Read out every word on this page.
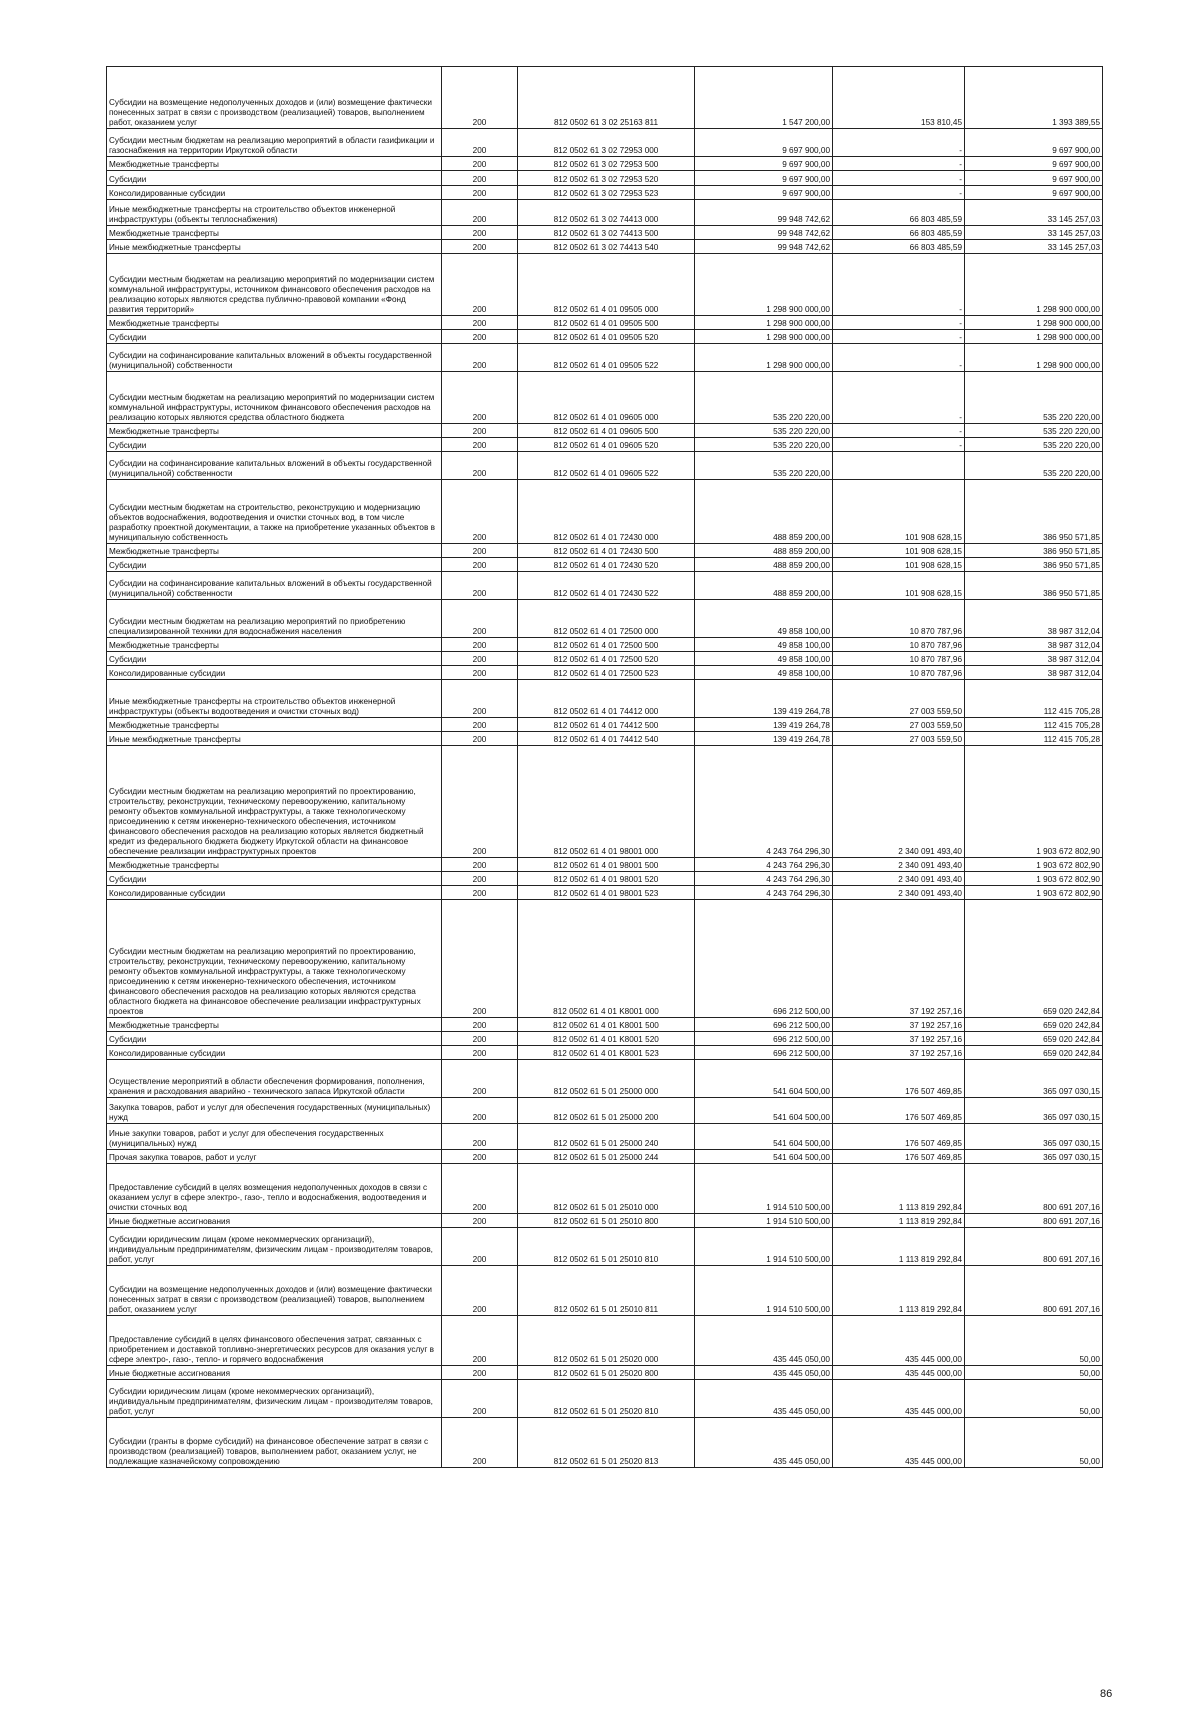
Субсидии на возмещение недополученных доходов и (или) возмещение фактически понесенных затрат в связи с производством (реализацией) товаров, выполнением работ, оказанием услуг	200	812 0502 61 3 02 25163 811	1 547 200,00	153 810,45	1 393 389,55
Субсидии местным бюджетам на реализацию мероприятий в области газификации и газоснабжения на территории Иркутской области	200	812 0502 61 3 02 72953 000	9 697 900,00	-	9 697 900,00
Межбюджетные трансферты	200	812 0502 61 3 02 72953 500	9 697 900,00	-	9 697 900,00
Субсидии	200	812 0502 61 3 02 72953 520	9 697 900,00	-	9 697 900,00
Консолидированные субсидии	200	812 0502 61 3 02 72953 523	9 697 900,00	-	9 697 900,00
Иные межбюджетные трансферты на строительство объектов инженерной инфраструктуры (объекты теплоснабжения)	200	812 0502 61 3 02 74413 000	99 948 742,62	66 803 485,59	33 145 257,03
Межбюджетные трансферты	200	812 0502 61 3 02 74413 500	99 948 742,62	66 803 485,59	33 145 257,03
Иные межбюджетные трансферты	200	812 0502 61 3 02 74413 540	99 948 742,62	66 803 485,59	33 145 257,03
Субсидии местным бюджетам на реализацию мероприятий по модернизации систем коммунальной инфраструктуры, источником финансового обеспечения расходов на реализацию которых являются средства публично-правовой компании «Фонд развития территорий»	200	812 0502 61 4 01 09505 000	1 298 900 000,00	-	1 298 900 000,00
Межбюджетные трансферты	200	812 0502 61 4 01 09505 500	1 298 900 000,00	-	1 298 900 000,00
Субсидии	200	812 0502 61 4 01 09505 520	1 298 900 000,00	-	1 298 900 000,00
Субсидии на софинансирование капитальных вложений в объекты государственной (муниципальной) собственности	200	812 0502 61 4 01 09505 522	1 298 900 000,00	-	1 298 900 000,00
Субсидии местным бюджетам на реализацию мероприятий по модернизации систем коммунальной инфраструктуры, источником финансового обеспечения расходов на реализацию которых являются средства областного бюджета	200	812 0502 61 4 01 09605 000	535 220 220,00	-	535 220 220,00
Межбюджетные трансферты	200	812 0502 61 4 01 09605 500	535 220 220,00	-	535 220 220,00
Субсидии	200	812 0502 61 4 01 09605 520	535 220 220,00	-	535 220 220,00
Субсидии на софинансирование капитальных вложений в объекты государственной (муниципальной) собственности	200	812 0502 61 4 01 09605 522	535 220 220,00		535 220 220,00
Субсидии местным бюджетам на строительство, реконструкцию и модернизацию объектов водоснабжения, водоотведения и очистки сточных вод, в том числе разработку проектной документации, а также на приобретение указанных объектов в муниципальную собственность	200	812 0502 61 4 01 72430 000	488 859 200,00	101 908 628,15	386 950 571,85
Межбюджетные трансферты	200	812 0502 61 4 01 72430 500	488 859 200,00	101 908 628,15	386 950 571,85
Субсидии	200	812 0502 61 4 01 72430 520	488 859 200,00	101 908 628,15	386 950 571,85
Субсидии на софинансирование капитальных вложений в объекты государственной (муниципальной) собственности	200	812 0502 61 4 01 72430 522	488 859 200,00	101 908 628,15	386 950 571,85
Субсидии местным бюджетам на реализацию мероприятий по приобретению специализированной техники для водоснабжения населения	200	812 0502 61 4 01 72500 000	49 858 100,00	10 870 787,96	38 987 312,04
Межбюджетные трансферты	200	812 0502 61 4 01 72500 500	49 858 100,00	10 870 787,96	38 987 312,04
Субсидии	200	812 0502 61 4 01 72500 520	49 858 100,00	10 870 787,96	38 987 312,04
Консолидированные субсидии	200	812 0502 61 4 01 72500 523	49 858 100,00	10 870 787,96	38 987 312,04
Иные межбюджетные трансферты на строительство объектов инженерной инфраструктуры (объекты водоотведения и очистки сточных вод)	200	812 0502 61 4 01 74412 000	139 419 264,78	27 003 559,50	112 415 705,28
Межбюджетные трансферты	200	812 0502 61 4 01 74412 500	139 419 264,78	27 003 559,50	112 415 705,28
Иные межбюджетные трансферты	200	812 0502 61 4 01 74412 540	139 419 264,78	27 003 559,50	112 415 705,28
Субсидии местным бюджетам на реализацию мероприятий по проектированию, строительству, реконструкции, техническому перевооружению, капитальному ремонту объектов коммунальной инфраструктуры, а также технологическому присоединению к сетям инженерно-технического обеспечения, источником финансового обеспечения расходов на реализацию которых является бюджетный кредит из федерального бюджета бюджету Иркутской области на финансовое обеспечение реализации инфраструктурных проектов	200	812 0502 61 4 01 98001 000	4 243 764 296,30	2 340 091 493,40	1 903 672 802,90
Межбюджетные трансферты	200	812 0502 61 4 01 98001 500	4 243 764 296,30	2 340 091 493,40	1 903 672 802,90
Субсидии	200	812 0502 61 4 01 98001 520	4 243 764 296,30	2 340 091 493,40	1 903 672 802,90
Консолидированные субсидии	200	812 0502 61 4 01 98001 523	4 243 764 296,30	2 340 091 493,40	1 903 672 802,90
Субсидии местным бюджетам на реализацию мероприятий по проектированию, строительству, реконструкции, техническому перевооружению, капитальному ремонту объектов коммунальной инфраструктуры, а также технологическому присоединению к сетям инженерно-технического обеспечения, источником финансового обеспечения расходов на реализацию которых являются средства областного бюджета на финансовое обеспечение реализации инфраструктурных проектов	200	812 0502 61 4 01 K8001 000	696 212 500,00	37 192 257,16	659 020 242,84
Межбюджетные трансферты	200	812 0502 61 4 01 K8001 500	696 212 500,00	37 192 257,16	659 020 242,84
Субсидии	200	812 0502 61 4 01 K8001 520	696 212 500,00	37 192 257,16	659 020 242,84
Консолидированные субсидии	200	812 0502 61 4 01 K8001 523	696 212 500,00	37 192 257,16	659 020 242,84
Осуществление мероприятий в области обеспечения формирования, пополнения, хранения и расходования аварийно - технического запаса Иркутской области	200	812 0502 61 5 01 25000 000	541 604 500,00	176 507 469,85	365 097 030,15
Закупка товаров, работ и услуг для обеспечения государственных (муниципальных) нужд	200	812 0502 61 5 01 25000 200	541 604 500,00	176 507 469,85	365 097 030,15
Иные закупки товаров, работ и услуг для обеспечения государственных (муниципальных) нужд	200	812 0502 61 5 01 25000 240	541 604 500,00	176 507 469,85	365 097 030,15
Прочая закупка товаров, работ и услуг	200	812 0502 61 5 01 25000 244	541 604 500,00	176 507 469,85	365 097 030,15
Предоставление субсидий в целях возмещения недополученных доходов в связи с оказанием услуг в сфере электро-, газо-, тепло и водоснабжения, водоотведения и очистки сточных вод	200	812 0502 61 5 01 25010 000	1 914 510 500,00	1 113 819 292,84	800 691 207,16
Иные бюджетные ассигнования	200	812 0502 61 5 01 25010 800	1 914 510 500,00	1 113 819 292,84	800 691 207,16
Субсидии юридическим лицам (кроме некоммерческих организаций), индивидуальным предпринимателям, физическим лицам - производителям товаров, работ, услуг	200	812 0502 61 5 01 25010 810	1 914 510 500,00	1 113 819 292,84	800 691 207,16
Субсидии на возмещение недополученных доходов и (или) возмещение фактически понесенных затрат в связи с производством (реализацией) товаров, выполнением работ, оказанием услуг	200	812 0502 61 5 01 25010 811	1 914 510 500,00	1 113 819 292,84	800 691 207,16
Предоставление субсидий в целях финансового обеспечения затрат, связанных с приобретением и доставкой топливно-энергетических ресурсов для оказания услуг в сфере электро-, газо-, тепло- и горячего водоснабжения	200	812 0502 61 5 01 25020 000	435 445 050,00	435 445 000,00	50,00
Иные бюджетные ассигнования	200	812 0502 61 5 01 25020 800	435 445 050,00	435 445 000,00	50,00
Субсидии юридическим лицам (кроме некоммерческих организаций), индивидуальным предпринимателям, физическим лицам - производителям товаров, работ, услуг	200	812 0502 61 5 01 25020 810	435 445 050,00	435 445 000,00	50,00
Субсидии (гранты в форме субсидий) на финансовое обеспечение затрат в связи с производством (реализацией) товаров, выполнением работ, оказанием услуг, не подлежащие казначейскому сопровождению	200	812 0502 61 5 01 25020 813	435 445 050,00	435 445 000,00	50,00
86
